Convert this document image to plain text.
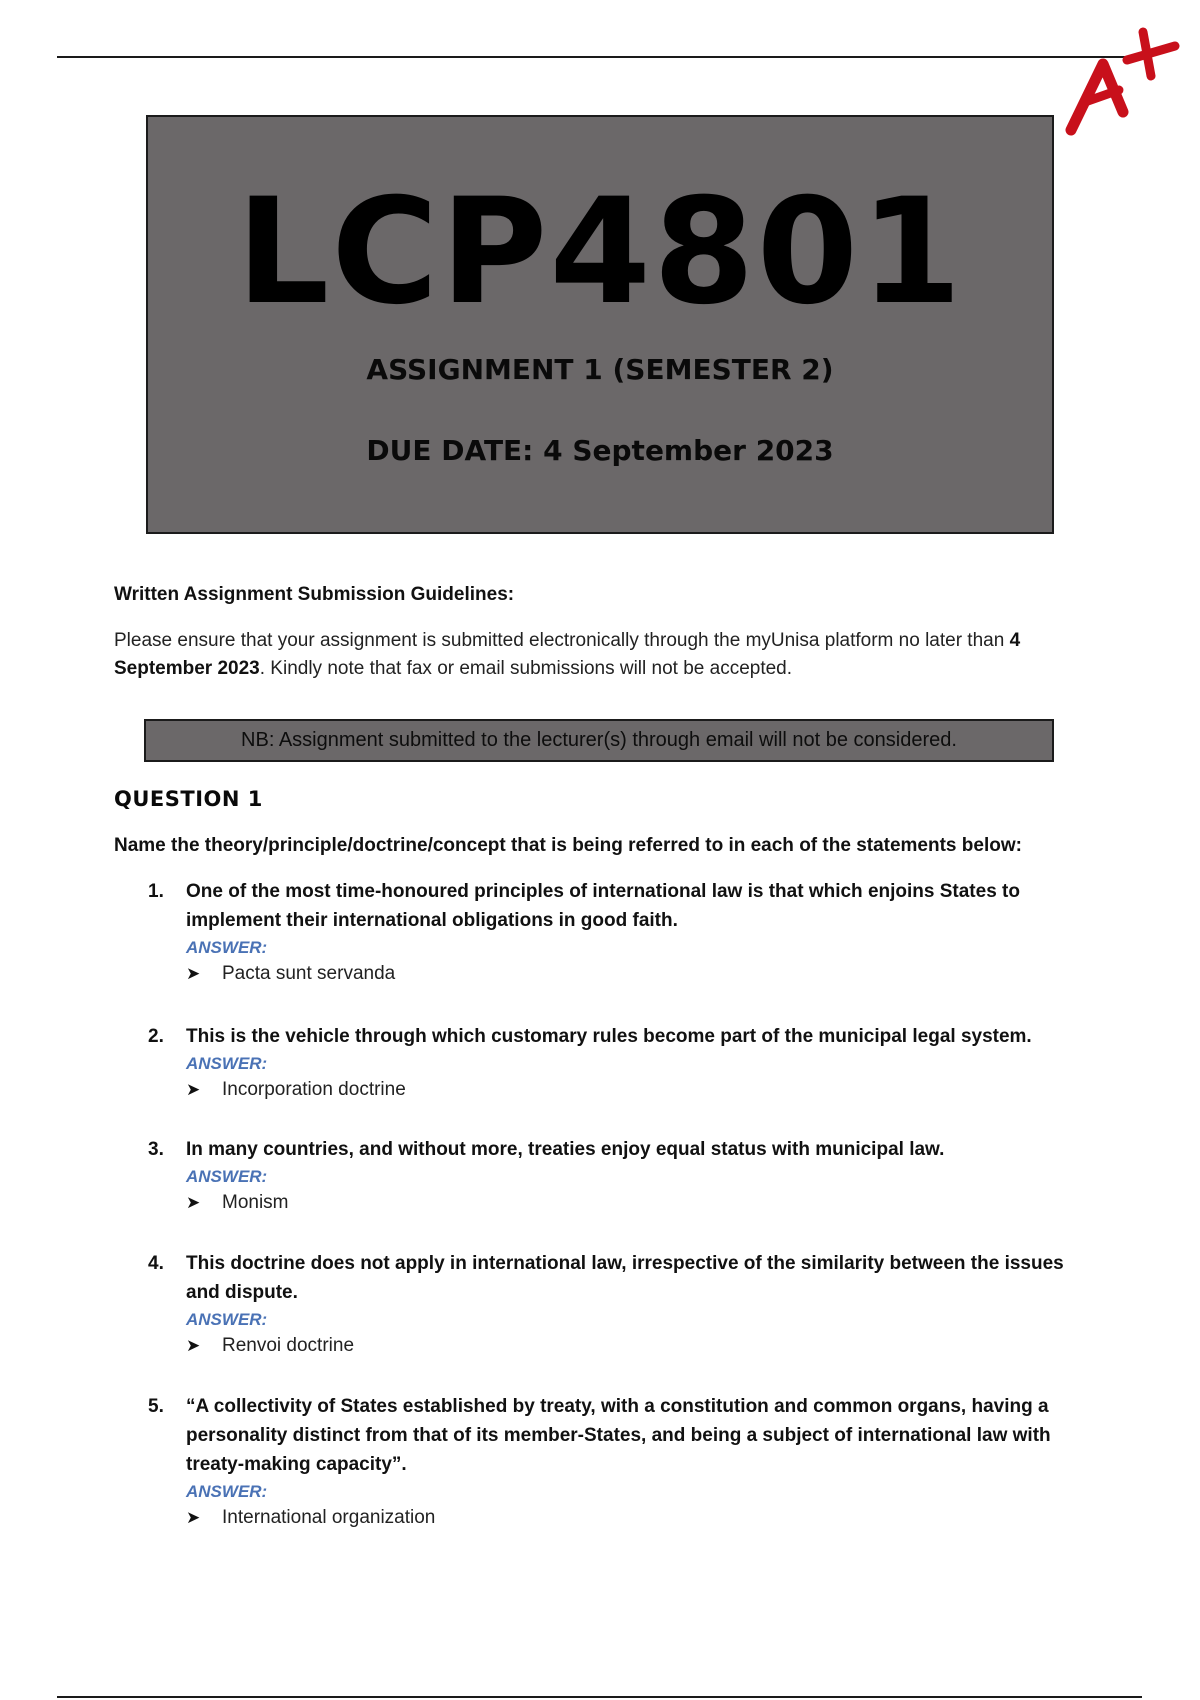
LCP4801
ASSIGNMENT 1 (SEMESTER 2)
DUE DATE: 4 September 2023
Written Assignment Submission Guidelines:
Please ensure that your assignment is submitted electronically through the myUnisa platform no later than 4 September 2023. Kindly note that fax or email submissions will not be accepted.
NB: Assignment submitted to the lecturer(s) through email will not be considered.
QUESTION 1
Name the theory/principle/doctrine/concept that is being referred to in each of the statements below:
1. One of the most time-honoured principles of international law is that which enjoins States to implement their international obligations in good faith.
ANSWER:
➤ Pacta sunt servanda
2. This is the vehicle through which customary rules become part of the municipal legal system.
ANSWER:
➤ Incorporation doctrine
3. In many countries, and without more, treaties enjoy equal status with municipal law.
ANSWER:
➤ Monism
4. This doctrine does not apply in international law, irrespective of the similarity between the issues and dispute.
ANSWER:
➤ Renvoi doctrine
5. “A collectivity of States established by treaty, with a constitution and common organs, having a personality distinct from that of its member-States, and being a subject of international law with treaty-making capacity”.
ANSWER:
➤ International organization
